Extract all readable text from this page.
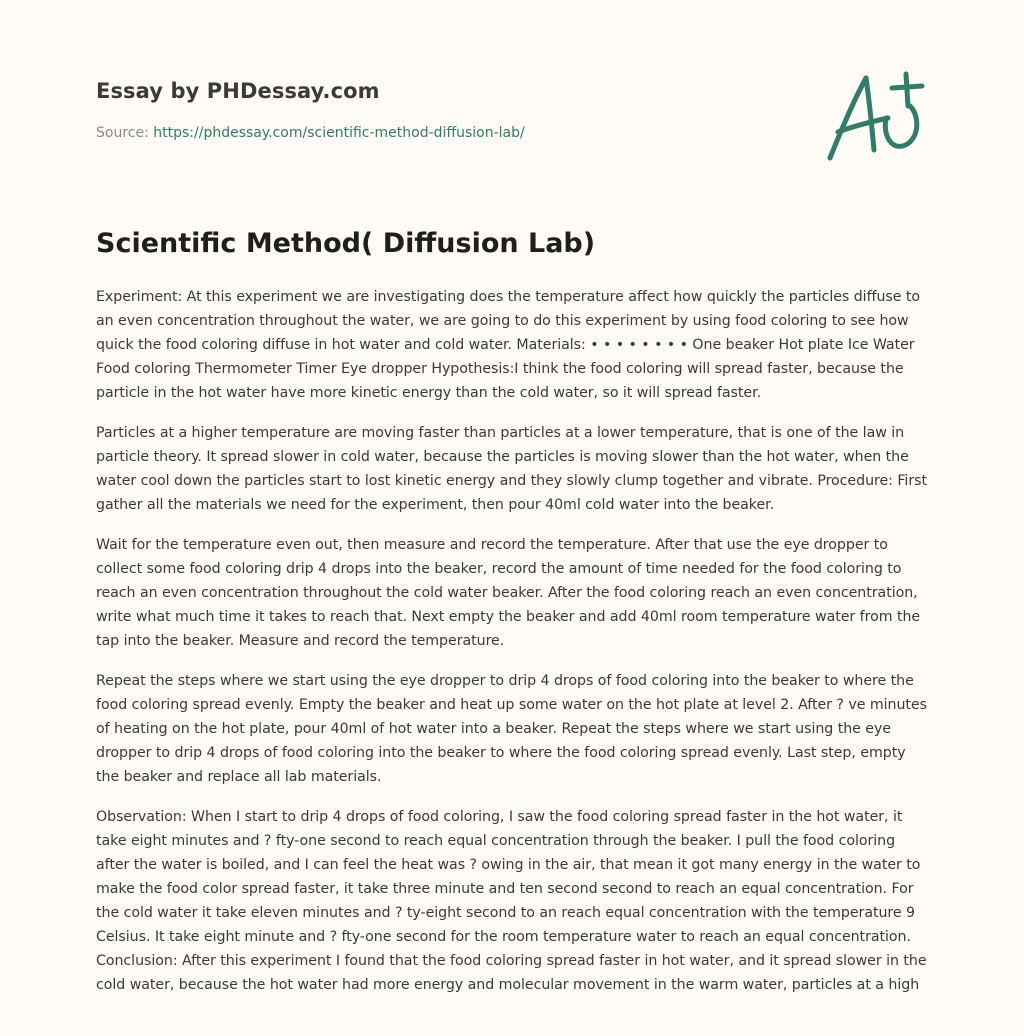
Essay by PHDessay.com
Source: https://phdessay.com/scientific-method-diffusion-lab/
Scientific Method( Diffusion Lab)

Experiment: At this experiment we are investigating does the temperature affect how quickly the particles diffuse to an even concentration throughout the water, we are going to do this experiment by using food coloring to see how quick the food coloring diffuse in hot water and cold water. Materials: • • • • • • • • One beaker Hot plate Ice Water Food coloring Thermometer Timer Eye dropper Hypothesis:I think the food coloring will spread faster, because the particle in the hot water have more kinetic energy than the cold water, so it will spread faster.

Particles at a higher temperature are moving faster than particles at a lower temperature, that is one of the law in particle theory. It spread slower in cold water, because the particles is moving slower than the hot water, when the water cool down the particles start to lost kinetic energy and they slowly clump together and vibrate. Procedure: First gather all the materials we need for the experiment, then pour 40ml cold water into the beaker.

Wait for the temperature even out, then measure and record the temperature. After that use the eye dropper to collect some food coloring drip 4 drops into the beaker, record the amount of time needed for the food coloring to reach an even concentration throughout the cold water beaker. After the food coloring reach an even concentration, write what much time it takes to reach that. Next empty the beaker and add 40ml room temperature water from the tap into the beaker. Measure and record the temperature.

Repeat the steps where we start using the eye dropper to drip 4 drops of food coloring into the beaker to where the food coloring spread evenly. Empty the beaker and heat up some water on the hot plate at level 2. After ? ve minutes of heating on the hot plate, pour 40ml of hot water into a beaker. Repeat the steps where we start using the eye dropper to drip 4 drops of food coloring into the beaker to where the food coloring spread evenly. Last step, empty the beaker and replace all lab materials.

Observation: When I start to drip 4 drops of food coloring, I saw the food coloring spread faster in the hot water, it take eight minutes and ? fty-one second to reach equal concentration through the beaker. I pull the food coloring after the water is boiled, and I can feel the heat was ? owing in the air, that mean it got many energy in the water to make the food color spread faster, it take three minute and ten second second to reach an equal concentration. For the cold water it take eleven minutes and ? ty-eight second to an reach equal concentration with the temperature 9 Celsius. It take eight minute and ? fty-one second for the room temperature water to reach an equal concentration. Conclusion: After this experiment I found that the food coloring spread faster in hot water, and it spread slower in the cold water, because the hot water had more energy and molecular movement in the warm water, particles at a high
